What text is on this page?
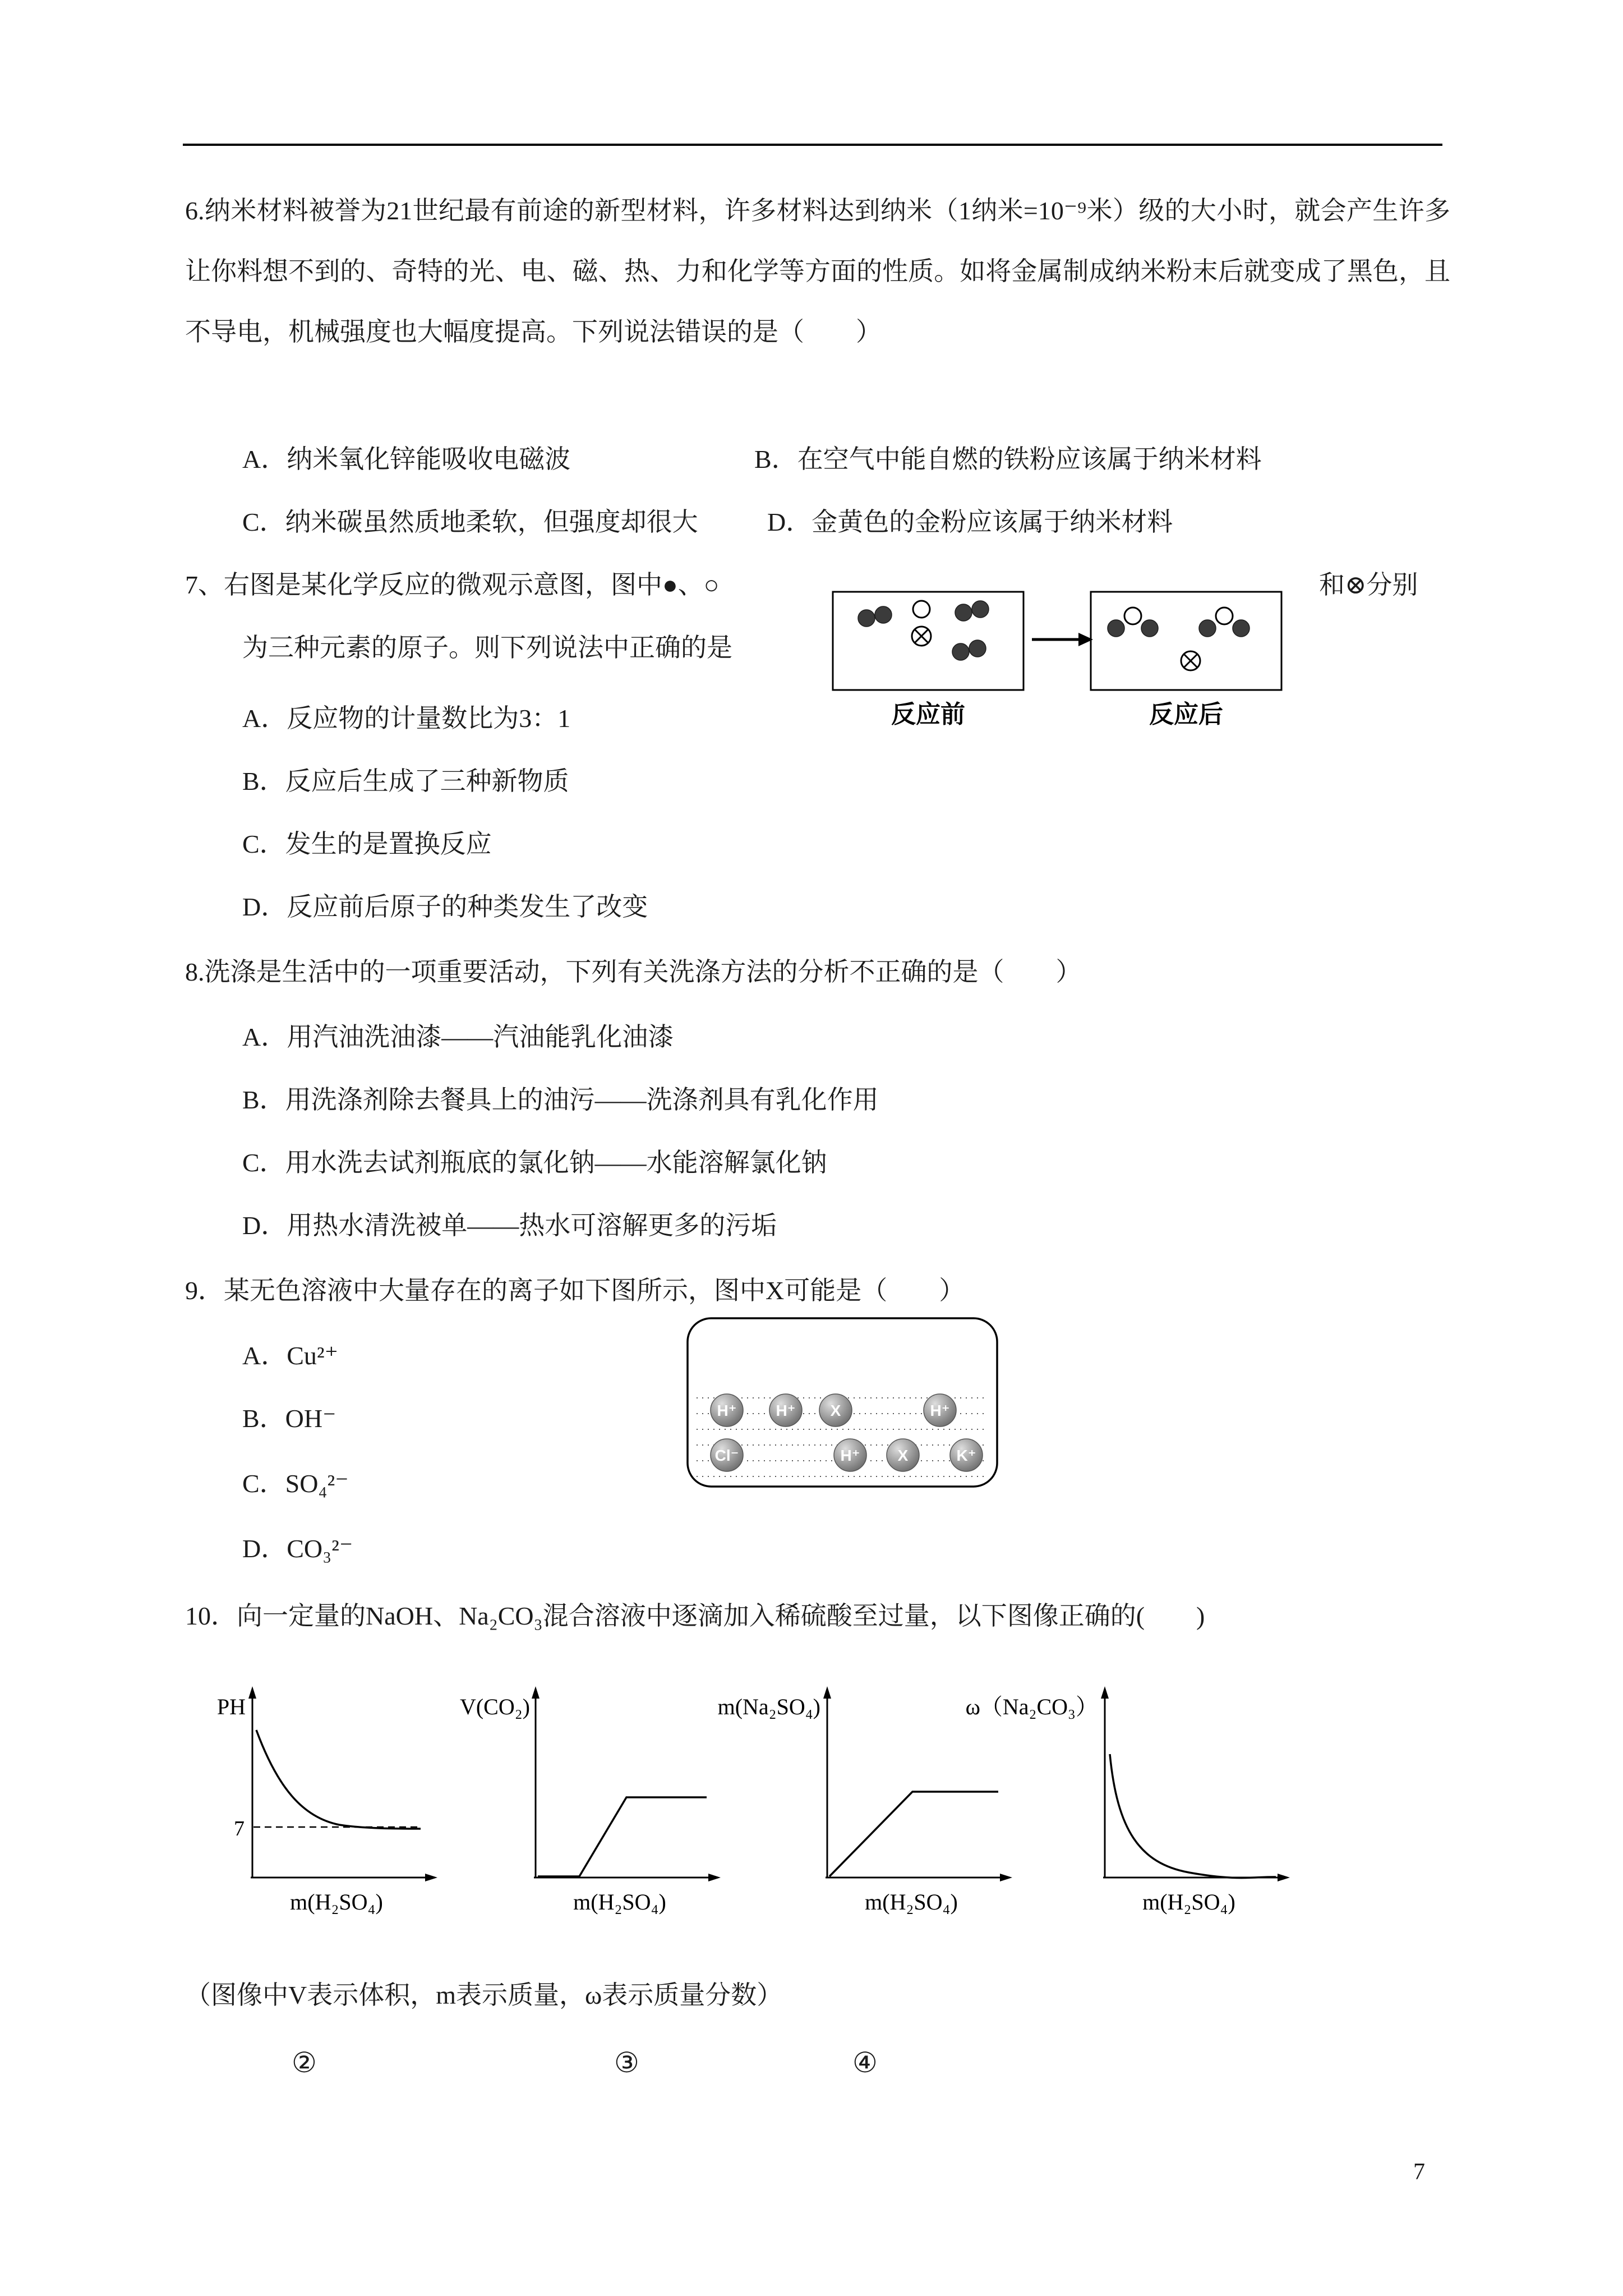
6.纳米材料被誉为21世纪最有前途的新型材料，许多材料达到纳米（1纳米=10⁻⁹米）级的大小时，就会产生许多让你料想不到的、奇特的光、电、磁、热、力和化学等方面的性质。如将金属制成纳米粉末后就变成了黑色，且不导电，机械强度也大幅度提高。下列说法错误的是（　　）
A．纳米氧化锌能吸收电磁波	B．在空气中能自燃的铁粉应该属于纳米材料
C．纳米碳虽然质地柔软，但强度却很大	D．金黄色的金粉应该属于纳米材料
7、右图是某化学反应的微观示意图，图中●、○	和⊗分别
为三种元素的原子。则下列说法中正确的是
A．反应物的计量数比为3：1
B．反应后生成了三种新物质
C．发生的是置换反应
D．反应前后原子的种类发生了改变
反应前	反应后
8.洗涤是生活中的一项重要活动，下列有关洗涤方法的分析不正确的是（　　）
A．用汽油洗油漆——汽油能乳化油漆
B．用洗涤剂除去餐具上的油污——洗涤剂具有乳化作用
C．用水洗去试剂瓶底的氯化钠——水能溶解氯化钠
D．用热水清洗被单——热水可溶解更多的污垢
9．某无色溶液中大量存在的离子如下图所示，图中X可能是（　　）
A．Cu²⁺
B．OH⁻
C．SO₄²⁻
D．CO₃²⁻
H⁺	H⁺ X	H⁺
Cl⁻	H⁺ X	K⁺
10．向一定量的NaOH、Na₂CO₃混合溶液中逐滴加入稀硫酸至过量，以下图像正确的(　　)
PH
7
m(H₂SO₄)
V(CO₂)
m(H₂SO₄)
m(Na₂SO₄)
m(H₂SO₄)
ω（Na₂CO₃）
m(H₂SO₄)
（图像中V表示体积，m表示质量，ω表示质量分数）
②	③	④
7
